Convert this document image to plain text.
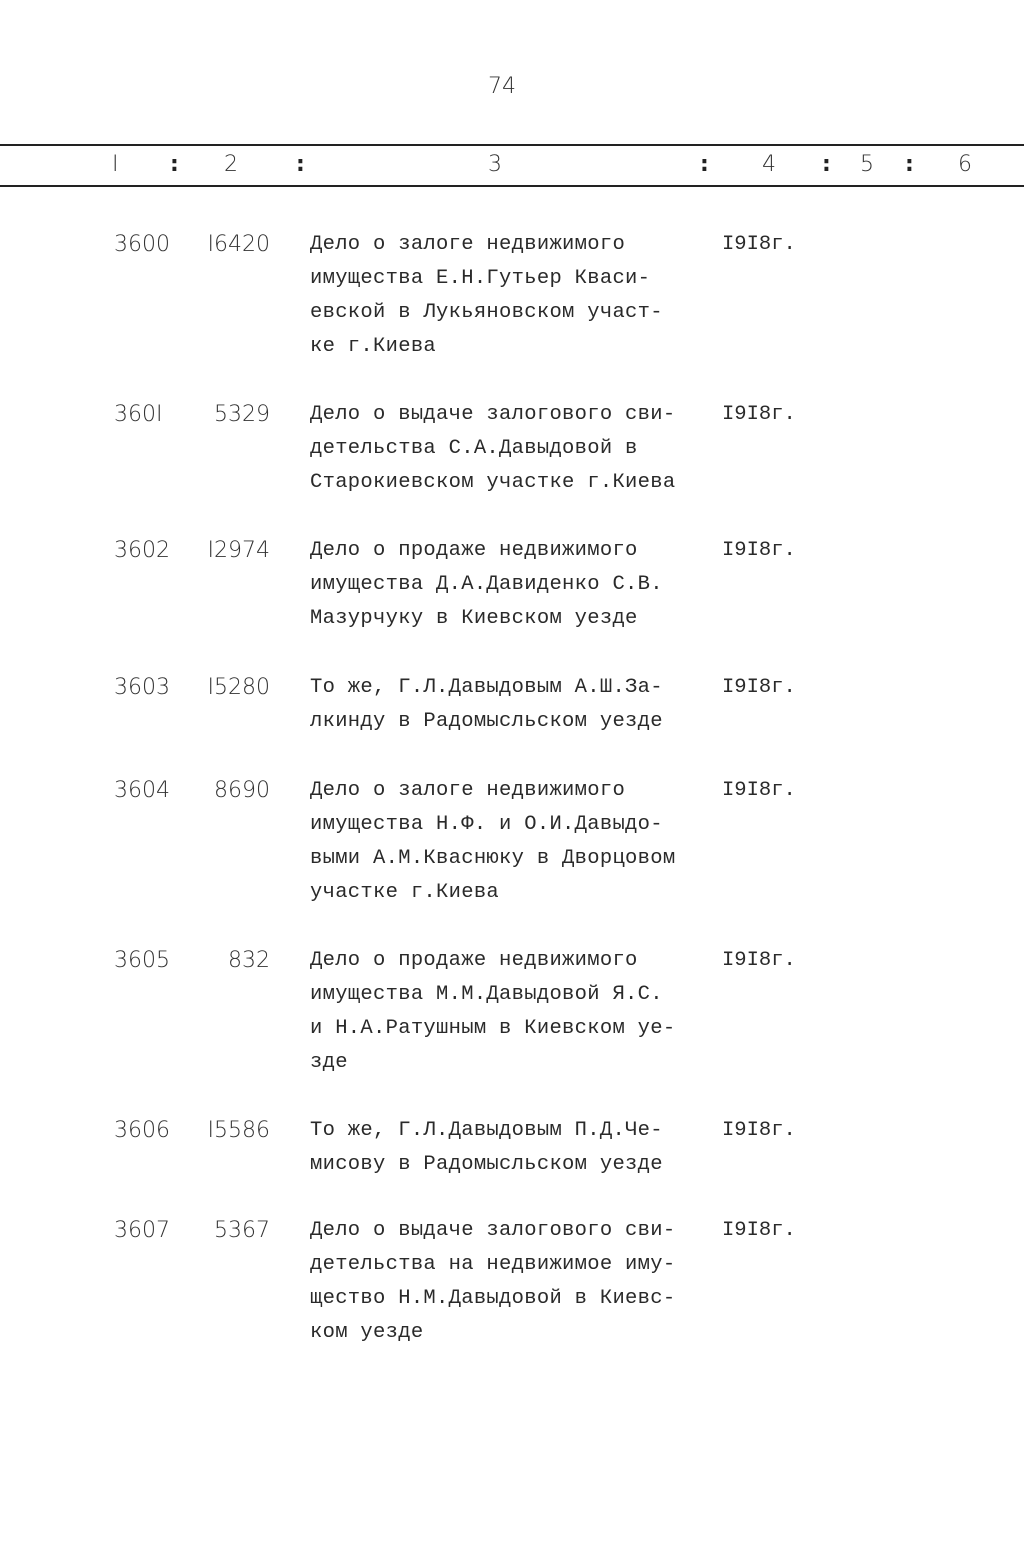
74
I	2	3	4	5	6
:	:	:	:	:
3600	I6420 Дело о залоге недвижимого
имущества Е.Н.Гутьер Кваси-
евской в Лукьяновском участ-
ке г.Киева
I9I8г.
360I	5329 Дело о выдаче залогового сви-
детельства С.А.Давыдовой в
Старокиевском участке г.Киева
I9I8г.
3602	I2974 Дело о продаже недвижимого
имущества Д.А.Давиденко С.В.
Мазурчуку в Киевском уезде
I9I8г.
3603	I5280 То же, Г.Л.Давыдовым А.Ш.За-
лкинду в Радомысльском уезде
I9I8г.
3604	8690 Дело о залоге недвижимого
имущества Н.Ф. и О.И.Давыдо-
выми А.М.Кваснюку в Дворцовом
участке г.Киева
I9I8г.
3605	832 Дело о продаже недвижимого
имущества М.М.Давыдовой Я.С.
и Н.А.Ратушным в Киевском уе-
зде
I9I8г.
3606	I5586 То же, Г.Л.Давыдовым П.Д.Че-
мисову в Радомысльском уезде
I9I8г.
3607	5367 Дело о выдаче залогового сви-
детельства на недвижимое иму-
щество Н.М.Давыдовой в Киевс-
ком уезде
I9I8г.
